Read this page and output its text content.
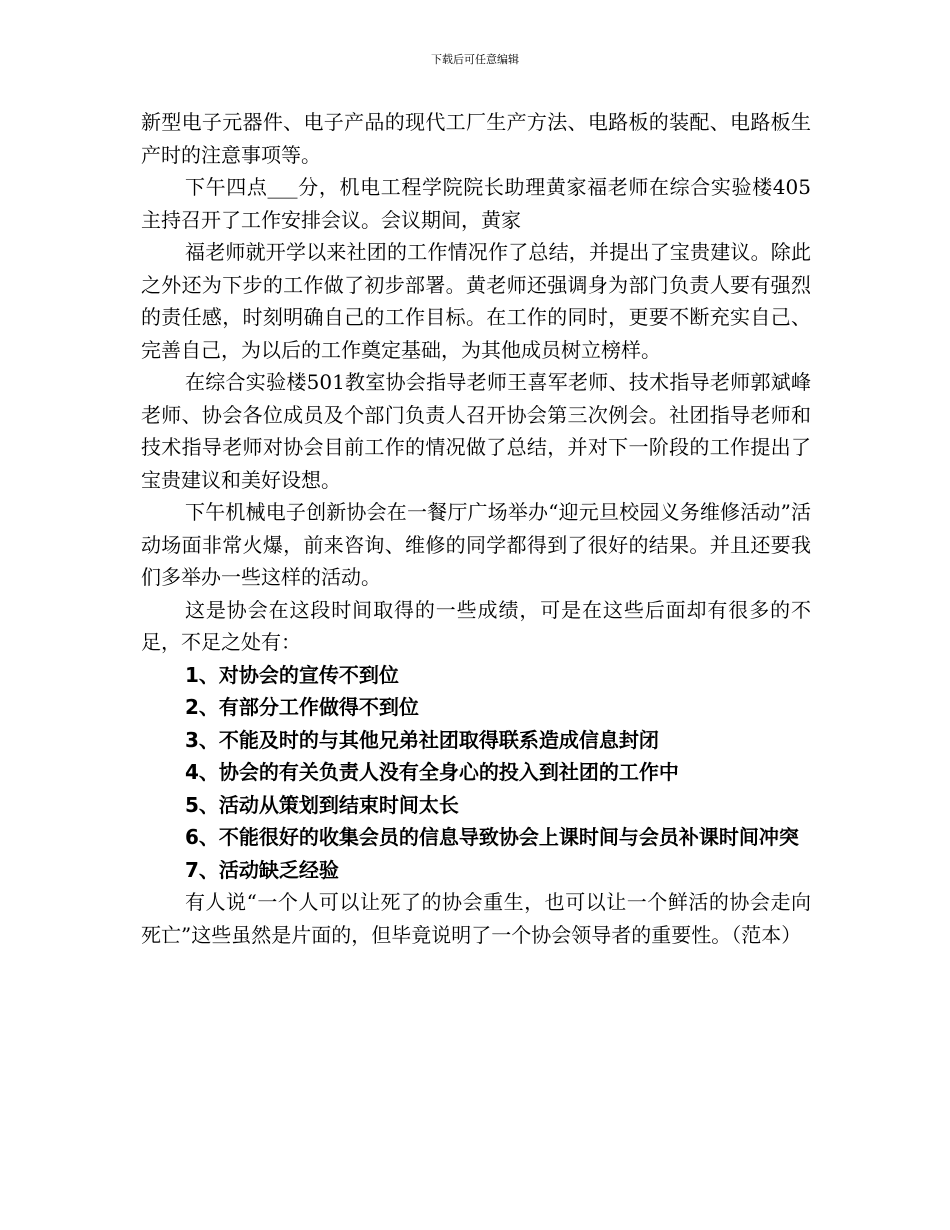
下载后可任意编辑

新型电子元器件、电子产品的现代工厂生产方法、电路板的装配、电路板生产时的注意事项等。

下午四点___分，机电工程学院院长助理黄家福老师在综合实验楼405主持召开了工作安排会议。会议期间，黄家

福老师就开学以来社团的工作情况作了总结，并提出了宝贵建议。除此之外还为下步的工作做了初步部署。黄老师还强调身为部门负责人要有强烈的责任感，时刻明确自己的工作目标。在工作的同时，更要不断充实自己、完善自己，为以后的工作奠定基础，为其他成员树立榜样。

在综合实验楼501教室协会指导老师王喜军老师、技术指导老师郭斌峰老师、协会各位成员及个部门负责人召开协会第三次例会。社团指导老师和技术指导老师对协会目前工作的情况做了总结，并对下一阶段的工作提出了宝贵建议和美好设想。

下午机械电子创新协会在一餐厅广场举办“迎元旦校园义务维修活动”活动场面非常火爆，前来咨询、维修的同学都得到了很好的结果。并且还要我们多举办一些这样的活动。

这是协会在这段时间取得的一些成绩，可是在这些后面却有很多的不足，不足之处有：

1、对协会的宣传不到位

2、有部分工作做得不到位

3、不能及时的与其他兄弟社团取得联系造成信息封闭

4、协会的有关负责人没有全身心的投入到社团的工作中

5、活动从策划到结束时间太长

6、不能很好的收集会员的信息导致协会上课时间与会员补课时间冲突

7、活动缺乏经验

有人说“一个人可以让死了的协会重生，也可以让一个鲜活的协会走向死亡”这些虽然是片面的，但毕竟说明了一个协会领导者的重要性。（范本）
